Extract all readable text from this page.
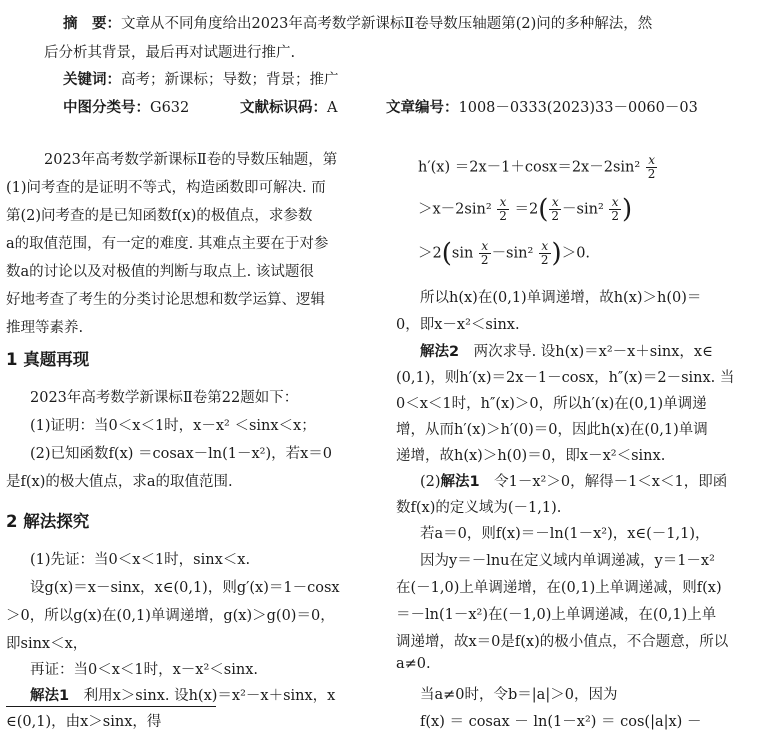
摘　要：文章从不同角度给出2023年高考数学新课标Ⅱ卷导数压轴题第(2)问的多种解法，然
后分析其背景，最后再对试题进行推广.
关键词：高考；新课标；导数；背景；推广
中图分类号：G632	文献标识码：A	文章编号：1008－0333(2023)33－0060－03
2023年高考数学新课标Ⅱ卷的导数压轴题，第
(1)问考查的是证明不等式，构造函数即可解决. 而
第(2)问考查的是已知函数f(x)的极值点，求参数
a的取值范围，有一定的难度. 其难点主要在于对参
数a的讨论以及对极值的判断与取点上. 该试题很
好地考查了考生的分类讨论思想和数学运算、逻辑
推理等素养.
1 真题再现
2023年高考数学新课标Ⅱ卷第22题如下：
(1)证明：当0＜x＜1时，x－x² ＜sinx＜x；
(2)已知函数f(x) ＝cosax－ln(1－x²)，若x＝0
是f(x)的极大值点，求a的取值范围.
2 解法探究
(1)先证：当0＜x＜1时，sinx＜x.
设g(x)＝x－sinx，x∈(0,1)，则g′(x)＝1－cosx
＞0，所以g(x)在(0,1)单调递增，g(x)＞g(0)＝0，
即sinx＜x，
再证：当0＜x＜1时，x－x²＜sinx.
解法1　利用x＞sinx. 设h(x)＝x²－x＋sinx，x
∈(0,1)，由x＞sinx，得
$h'(x) =2x-1+\cos x=2x-2\sin^2 \frac{x}{2}$
$>x-2\sin^2 \frac{x}{2} =2( \frac{x}{2} -\sin^2 \frac{x}{2}$ )
$>2(\sin \frac{x}{2} -\sin^2 \frac{x}{2} )>0$.
所以h(x)在(0,1)单调递增，故h(x)＞h(0)＝
0，即x－x²＜sinx.
解法2　两次求导. 设h(x)＝x²－x＋sinx，x∈
(0,1)，则h′(x)＝2x－1－cosx，h″(x)＝2－sinx. 当
0＜x＜1时，h″(x)＞0，所以h′(x)在(0,1)单调递
增，从而h′(x)＞h′(0)＝0，因此h(x)在(0,1)单调
递增，故h(x)＞h(0)＝0，即x－x²＜sinx.
(2)解法1　令1－x²＞0，解得－1＜x＜1，即函
数f(x)的定义域为(－1,1).
若a＝0，则f(x)＝－ln(1－x²)，x∈(－1,1)，
因为y＝－lnu在定义域内单调递减，y＝1－x²
在(－1,0)上单调递增，在(0,1)上单调递减，则f(x)
＝－ln(1－x²)在(－1,0)上单调递减，在(0,1)上单
调递增，故x＝0是f(x)的极小值点，不合题意，所以
a≠0.
当a≠0时，令b＝|a|＞0，因为
f(x) ＝ cosax － ln(1－x²) ＝ cos(|a|x) －
